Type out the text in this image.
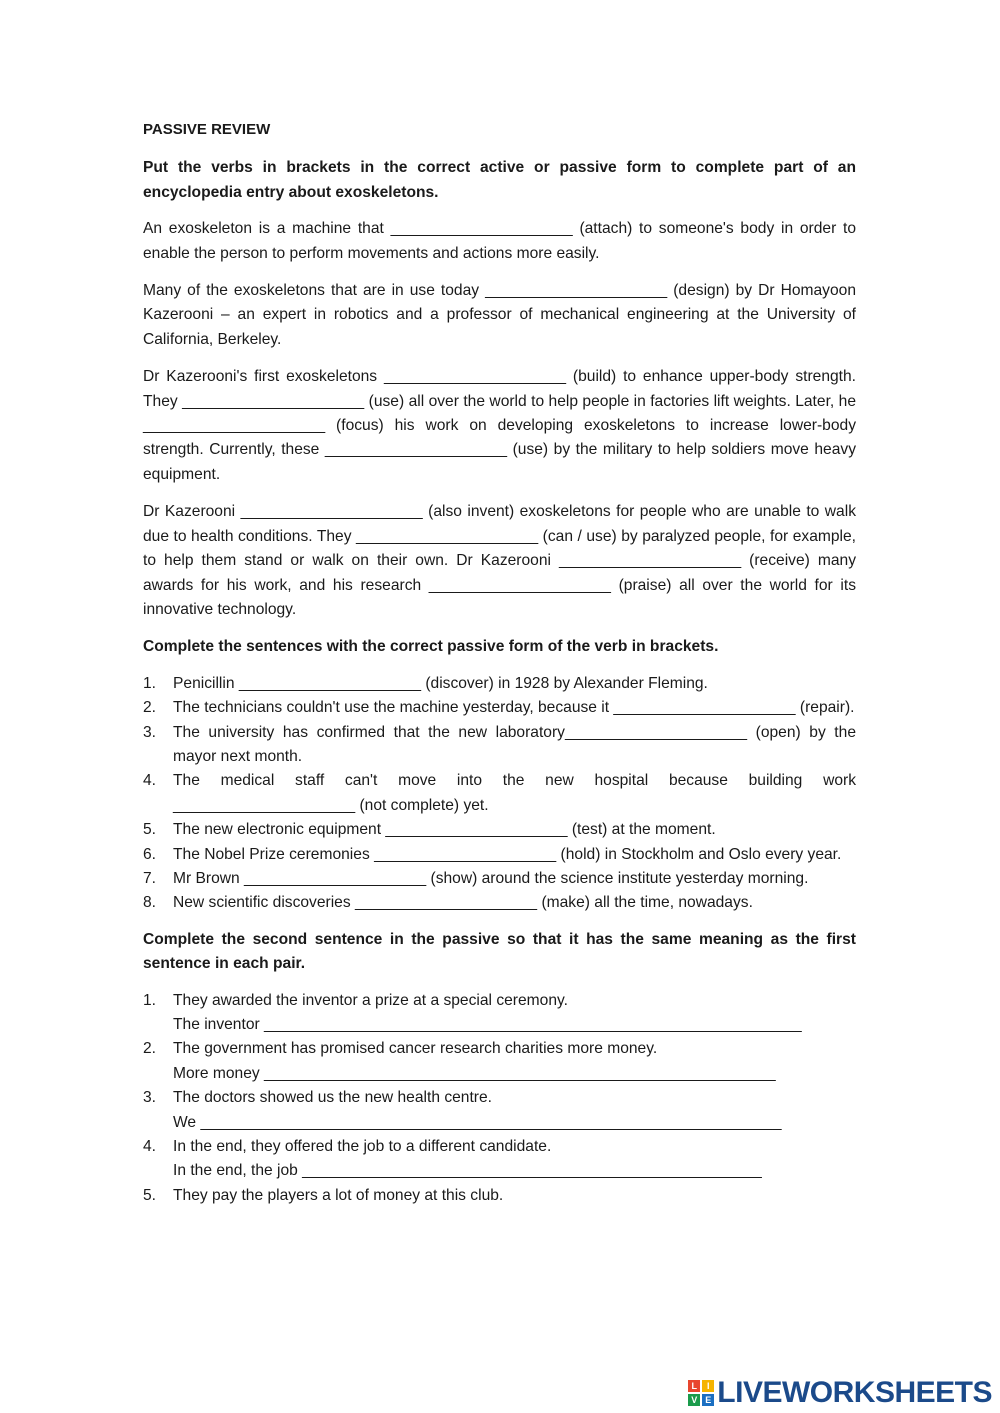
PASSIVE REVIEW
Put the verbs in brackets in the correct active or passive form to complete part of an encyclopedia entry about exoskeletons.

An exoskeleton is a machine that _____________________ (attach) to someone's body in order to enable the person to perform movements and actions more easily.

Many of the exoskeletons that are in use today _____________________ (design) by Dr Homayoon Kazerooni – an expert in robotics and a professor of mechanical engineering at the University of California, Berkeley.

Dr Kazerooni's first exoskeletons _____________________ (build) to enhance upper-body strength. They _____________________ (use) all over the world to help people in factories lift weights. Later, he _____________________ (focus) his work on developing exoskeletons to increase lower-body strength. Currently, these _____________________ (use) by the military to help soldiers move heavy equipment.

Dr Kazerooni _____________________ (also invent) exoskeletons for people who are unable to walk due to health conditions. They _____________________ (can / use) by paralyzed people, for example, to help them stand or walk on their own. Dr Kazerooni _____________________ (receive) many awards for his work, and his research _____________________ (praise) all over the world for its innovative technology.

Complete the sentences with the correct passive form of the verb in brackets.
1. Penicillin _____________________ (discover) in 1928 by Alexander Fleming.
2. The technicians couldn't use the machine yesterday, because it _____________________ (repair).
3. The university has confirmed that the new laboratory_____________________ (open) by the mayor next month.
4. The medical staff can't move into the new hospital because building work _____________________ (not complete) yet.
5. The new electronic equipment _____________________ (test) at the moment.
6. The Nobel Prize ceremonies _____________________ (hold) in Stockholm and Oslo every year.
7. Mr Brown _____________________ (show) around the science institute yesterday morning.
8. New scientific discoveries _____________________ (make) all the time, nowadays.
Complete the second sentence in the passive so that it has the same meaning as the first sentence in each pair.
1. They awarded the inventor a prize at a special ceremony.
The inventor ______________________________________________________________
2. The government has promised cancer research charities more money.
More money ___________________________________________________________
3. The doctors showed us the new health centre.
We ___________________________________________________________________
4. In the end, they offered the job to a different candidate.
In the end, the job _____________________________________________________
5. They pay the players a lot of money at this club.
L	I
V E LIVEWORKSHEETS
